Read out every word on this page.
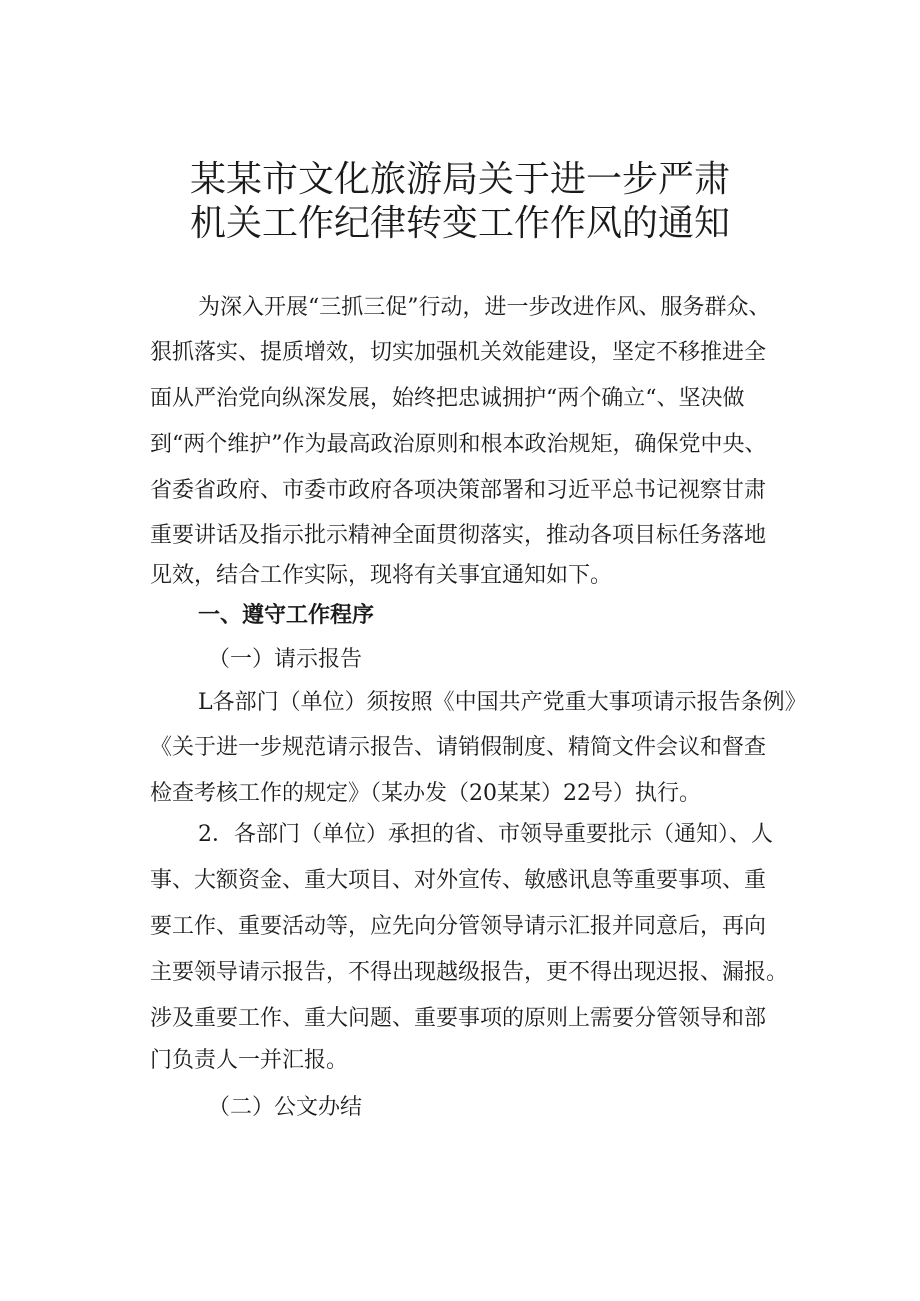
某某市文化旅游局关于进一步严肃
机关工作纪律转变工作作风的通知
为深入开展“三抓三促”行动，进一步改进作风、服务群众、
狠抓落实、提质增效，切实加强机关效能建设，坚定不移推进全
面从严治党向纵深发展，始终把忠诚拥护“两个确立“、坚决做
到“两个维护”作为最高政治原则和根本政治规矩，确保党中央、
省委省政府、市委市政府各项决策部署和习近平总书记视察甘肃
重要讲话及指示批示精神全面贯彻落实，推动各项目标任务落地
见效，结合工作实际，现将有关事宜通知如下。
一、遵守工作程序
（一）请示报告
L各部门（单位）须按照《中国共产党重大事项请示报告条例》
《关于进一步规范请示报告、请销假制度、精简文件会议和督查
检查考核工作的规定》（某办发（20某某）22号）执行。
2．各部门（单位）承担的省、市领导重要批示（通知）、人
事、大额资金、重大项目、对外宣传、敏感讯息等重要事项、重
要工作、重要活动等，应先向分管领导请示汇报并同意后，再向
主要领导请示报告，不得出现越级报告，更不得出现迟报、漏报。
涉及重要工作、重大问题、重要事项的原则上需要分管领导和部
门负责人一并汇报。
（二）公文办结
